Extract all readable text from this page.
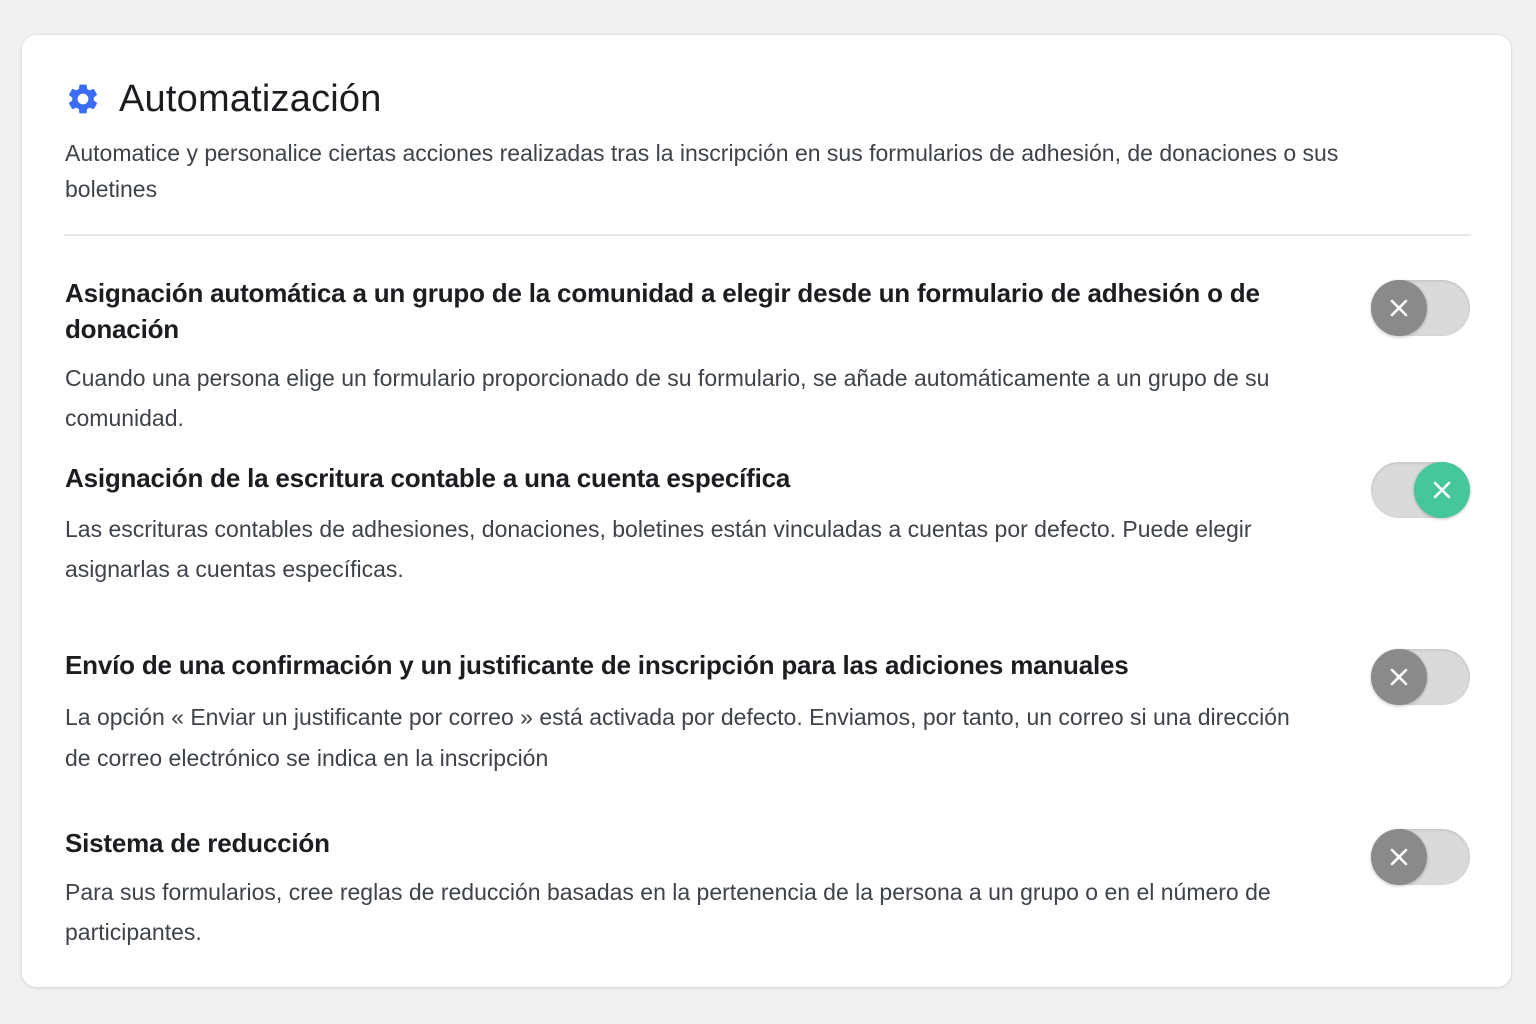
Automatización
Automatice y personalice ciertas acciones realizadas tras la inscripción en sus formularios de adhesión, de donaciones o sus boletines
Asignación automática a un grupo de la comunidad a elegir desde un formulario de adhesión o de donación

Cuando una persona elige un formulario proporcionado de su formulario, se añade automáticamente a un grupo de su comunidad.

Asignación de la escritura contable a una cuenta específica

Las escrituras contables de adhesiones, donaciones, boletines están vinculadas a cuentas por defecto. Puede elegir asignarlas a cuentas específicas.

Envío de una confirmación y un justificante de inscripción para las adiciones manuales

La opción « Enviar un justificante por correo » está activada por defecto. Enviamos, por tanto, un correo si una dirección de correo electrónico se indica en la inscripción

Sistema de reducción

Para sus formularios, cree reglas de reducción basadas en la pertenencia de la persona a un grupo o en el número de participantes.
